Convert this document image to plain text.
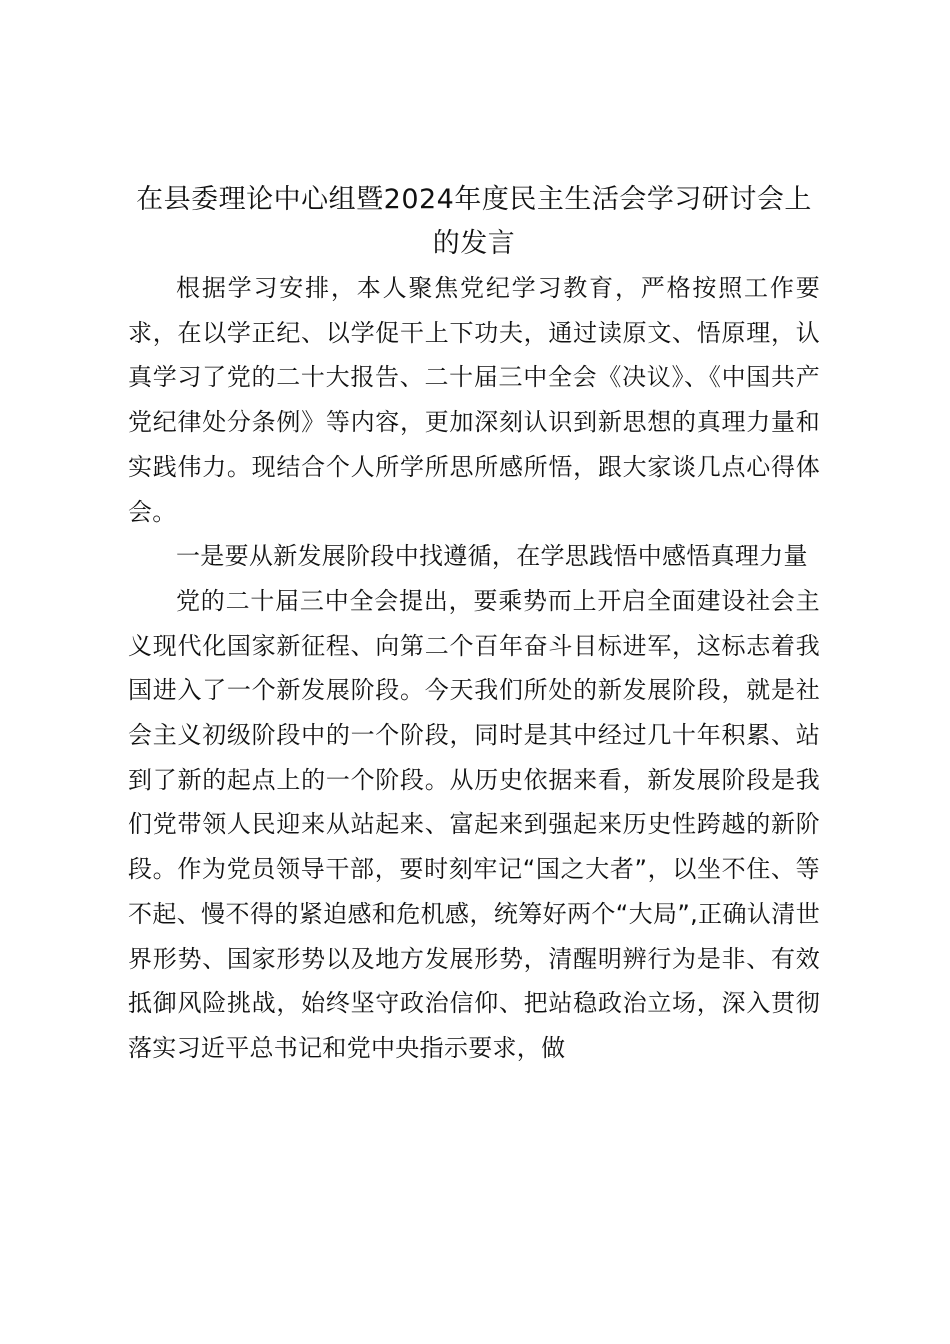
在县委理论中心组暨2024年度民主生活会学习研讨会上的发言

根据学习安排，本人聚焦党纪学习教育，严格按照工作要求，在以学正纪、以学促干上下功夫，通过读原文、悟原理，认真学习了党的二十大报告、二十届三中全会《决议》、《中国共产党纪律处分条例》等内容，更加深刻认识到新思想的真理力量和实践伟力。现结合个人所学所思所感所悟，跟大家谈几点心得体会。

一是要从新发展阶段中找遵循，在学思践悟中感悟真理力量

党的二十届三中全会提出，要乘势而上开启全面建设社会主义现代化国家新征程、向第二个百年奋斗目标进军，这标志着我国进入了一个新发展阶段。今天我们所处的新发展阶段，就是社会主义初级阶段中的一个阶段，同时是其中经过几十年积累、站到了新的起点上的一个阶段。从历史依据来看，新发展阶段是我们党带领人民迎来从站起来、富起来到强起来历史性跨越的新阶段。作为党员领导干部，要时刻牢记“国之大者”，以坐不住、等不起、慢不得的紧迫感和危机感，统筹好两个“大局”,正确认清世界形势、国家形势以及地方发展形势，清醒明辨行为是非、有效抵御风险挑战，始终坚守政治信仰、把站稳政治立场，深入贯彻落实习近平总书记和党中央指示要求，做
